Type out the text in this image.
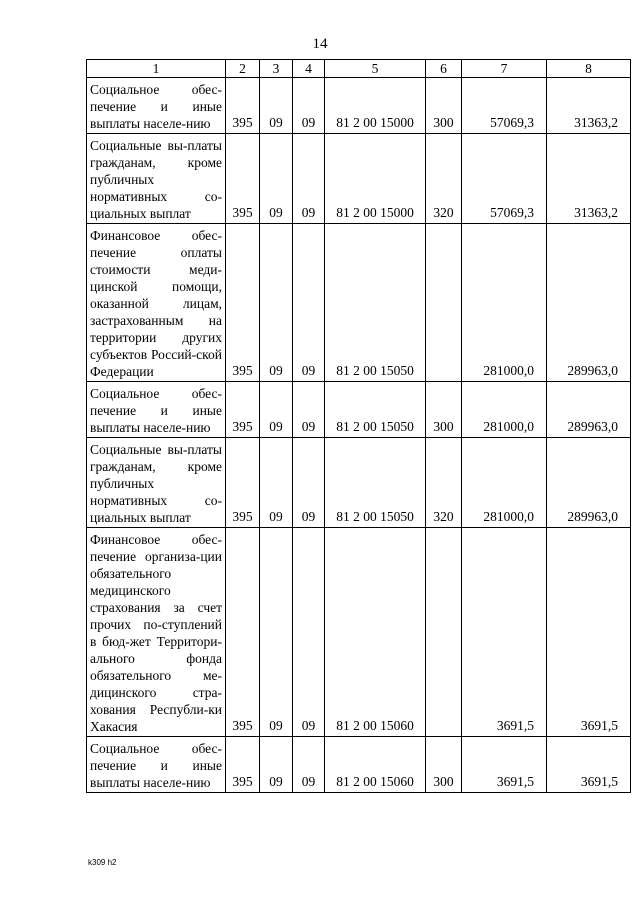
14
1	2	3	4	5	6	7	8
Социальное обес-печение и иные выплаты населе-нию	395	09	09	81 2 00 15000	300	57069,3	31363,2
Социальные вы-платы гражданам, кроме публичных нормативных со-циальных выплат	395	09	09	81 2 00 15000	320	57069,3	31363,2
Финансовое обес-печение оплаты стоимости меди-цинской помощи, оказанной лицам, застрахованным на территории других субъектов Россий-ской Федерации	395	09	09	81 2 00 15050		281000,0	289963,0
Социальное обес-печение и иные выплаты населе-нию	395	09	09	81 2 00 15050	300	281000,0	289963,0
Социальные вы-платы гражданам, кроме публичных нормативных со-циальных выплат	395	09	09	81 2 00 15050	320	281000,0	289963,0
Финансовое обес-печение организа-ции обязательного медицинского страхования за счет прочих по-ступлений в бюд-жет Территори-ального фонда обязательного ме-дицинского стра-хования Республи-ки Хакасия	395	09	09	81 2 00 15060		3691,5	3691,5
Социальное обес-печение и иные выплаты населе-нию	395	09	09	81 2 00 15060	300	3691,5	3691,5
k309 h2
